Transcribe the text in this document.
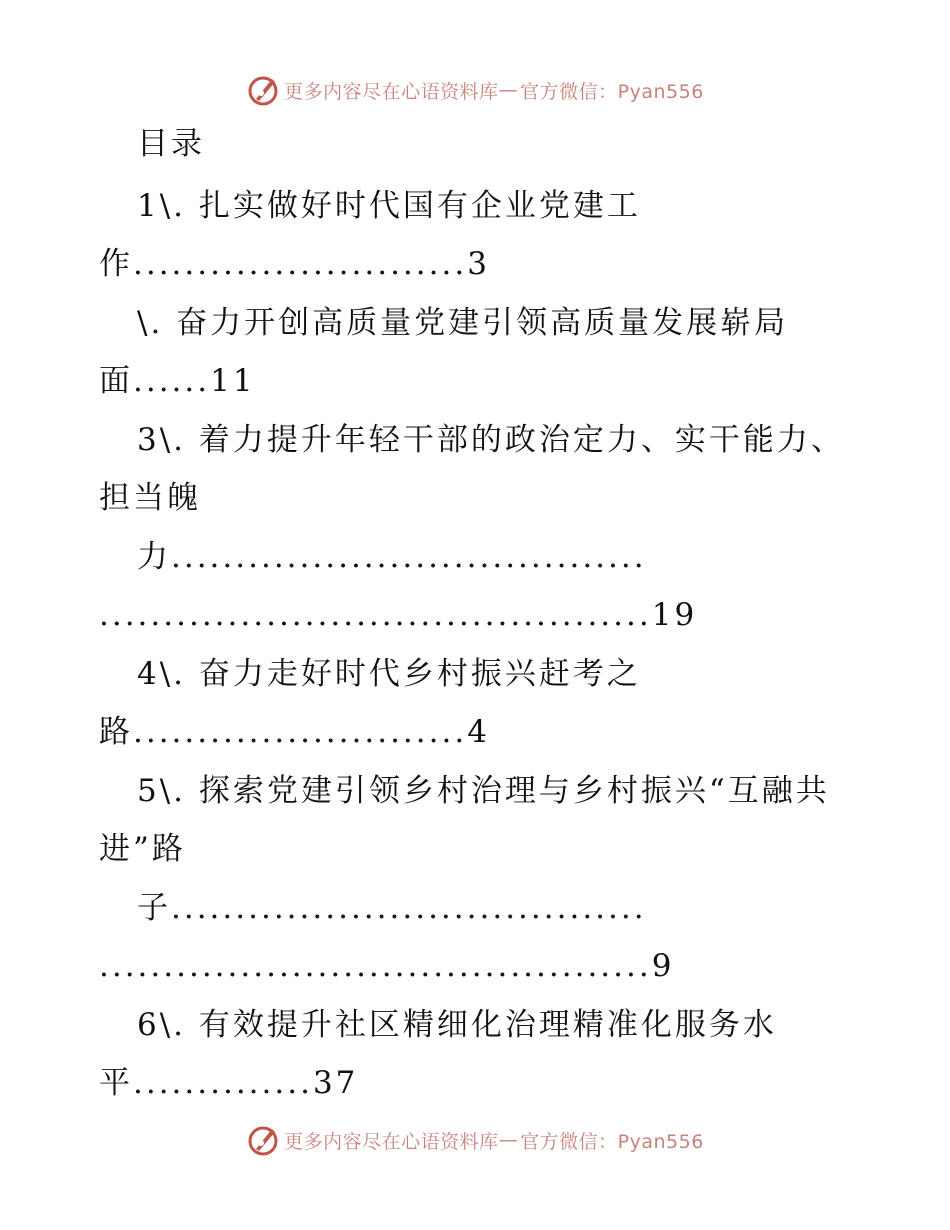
更多内容尽在心语资料库 — 官方微信：Pyan556
目录
1\. 扎实做好时代国有企业党建工
作..........................3
\. 奋力开创高质量党建引领高质量发展崭局
面......11
3\. 着力提升年轻干部的政治定力、实干能力、
担当魄
力.....................................
...........................................19
4\. 奋力走好时代乡村振兴赶考之
路..........................4
5\. 探索党建引领乡村治理与乡村振兴“互融共
进”路
子.....................................
...........................................9
6\. 有效提升社区精细化治理精准化服务水
平..............37
更多内容尽在心语资料库 — 官方微信：Pyan556
